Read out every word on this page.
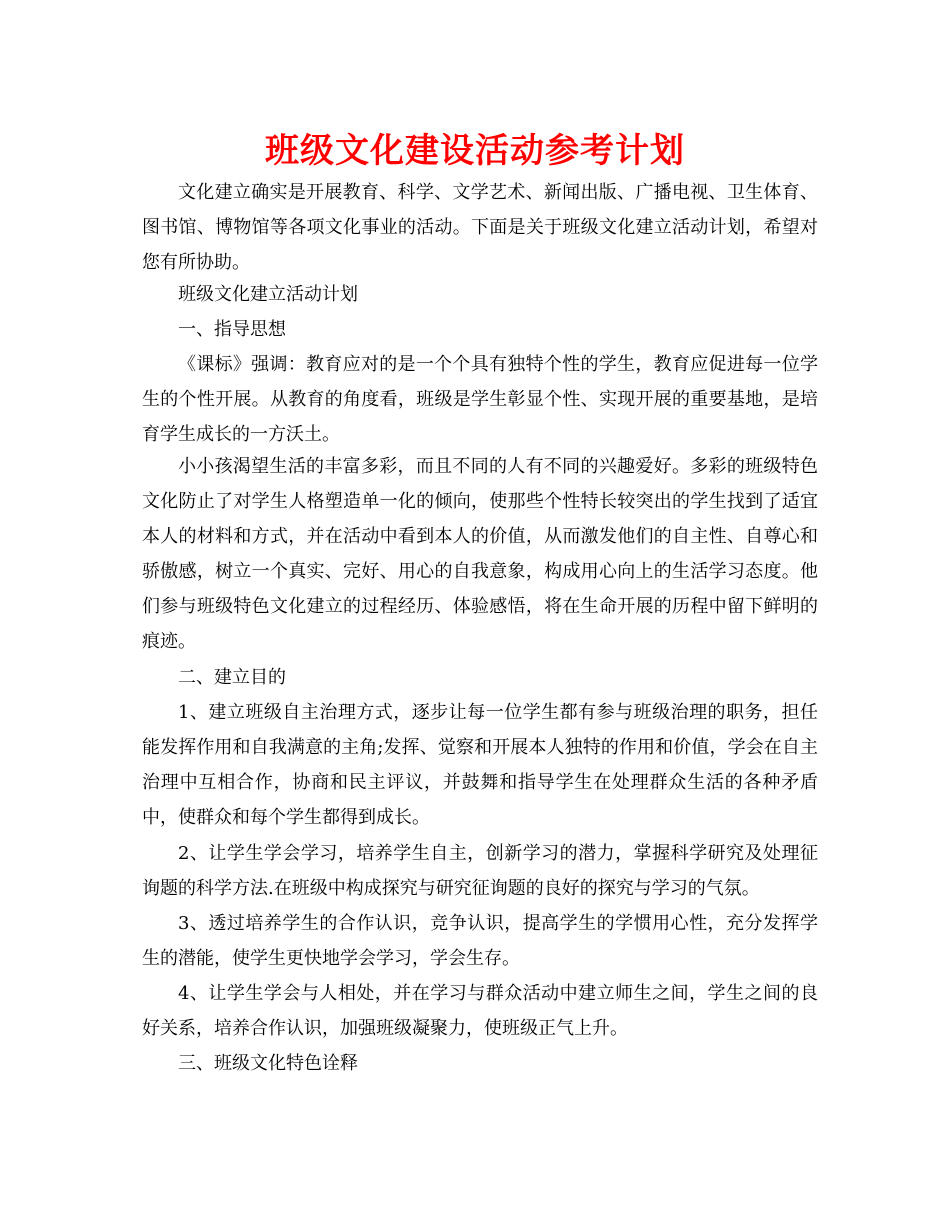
班级文化建设活动参考计划

文化建立确实是开展教育、科学、文学艺术、新闻出版、广播电视、卫生体育、图书馆、博物馆等各项文化事业的活动。下面是关于班级文化建立活动计划，希望对您有所协助。

班级文化建立活动计划

一、指导思想

《课标》强调：教育应对的是一个个具有独特个性的学生，教育应促进每一位学生的个性开展。从教育的角度看，班级是学生彰显个性、实现开展的重要基地，是培育学生成长的一方沃土。

小小孩渴望生活的丰富多彩，而且不同的人有不同的兴趣爱好。多彩的班级特色文化防止了对学生人格塑造单一化的倾向，使那些个性特长较突出的学生找到了适宜本人的材料和方式，并在活动中看到本人的价值，从而激发他们的自主性、自尊心和骄傲感，树立一个真实、完好、用心的自我意象，构成用心向上的生活学习态度。他们参与班级特色文化建立的过程经历、体验感悟，将在生命开展的历程中留下鲜明的痕迹。

二、建立目的

1、建立班级自主治理方式，逐步让每一位学生都有参与班级治理的职务，担任能发挥作用和自我满意的主角;发挥、觉察和开展本人独特的作用和价值，学会在自主治理中互相合作，协商和民主评议，并鼓舞和指导学生在处理群众生活的各种矛盾中，使群众和每个学生都得到成长。

2、让学生学会学习，培养学生自主，创新学习的潜力，掌握科学研究及处理征询题的科学方法.在班级中构成探究与研究征询题的良好的探究与学习的气氛。

3、透过培养学生的合作认识，竞争认识，提高学生的学惯用心性，充分发挥学生的潜能，使学生更快地学会学习，学会生存。

4、让学生学会与人相处，并在学习与群众活动中建立师生之间，学生之间的良好关系，培养合作认识，加强班级凝聚力，使班级正气上升。

三、班级文化特色诠释
